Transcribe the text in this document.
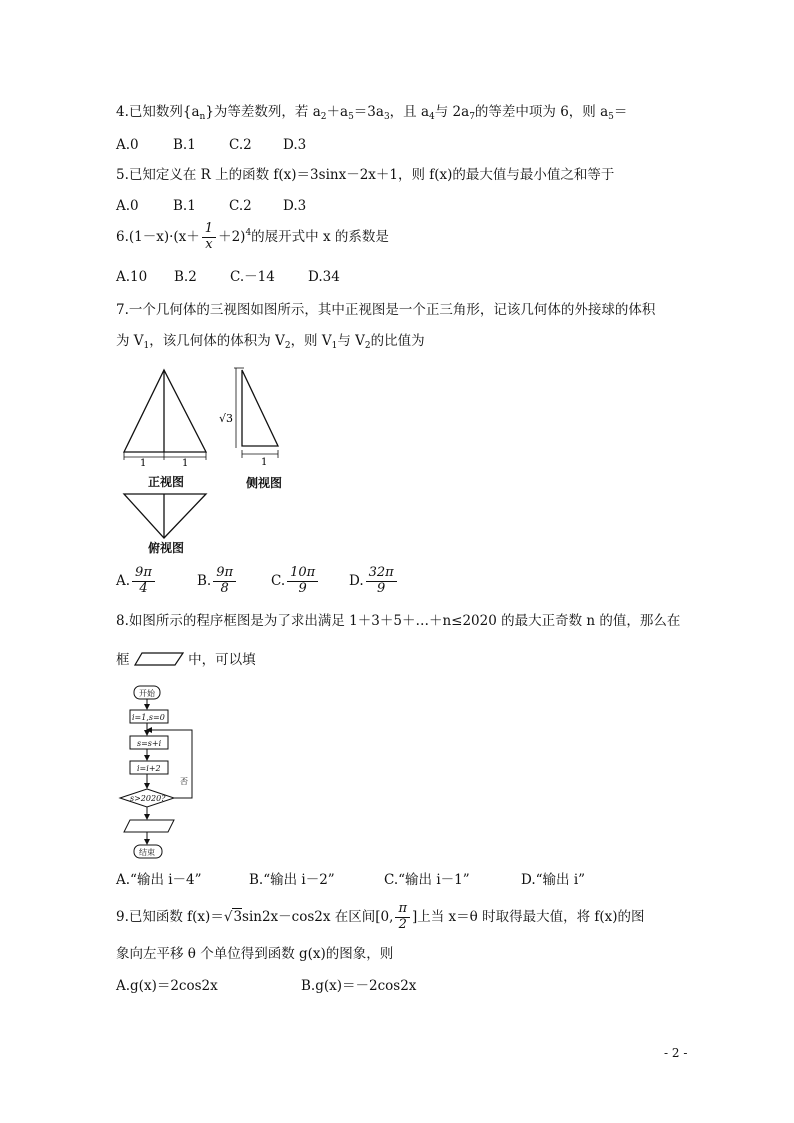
4.已知数列$\{a_n\}$为等差数列，若 $a_2+a_5=3a_3$，且 $a_4$与 $2a_7$的等差中项为 6，则 $a_5=$
A.0	B.1 C.2 D.3
5.已知定义在 R 上的函数 f(x)＝3sinx－2x＋1，则 f(x)的最大值与最小值之和等于
A.0	B.1 C.2 D.3
$6.(1-x)\cdot(x+ \frac{1}{x} +2)^4$的展开式中 x 的系数是
A.10 B.2 C.－14 D.34
7.一个几何体的三视图如图所示，其中正视图是一个正三角形，记该几何体的外接球的体积
为 $V_1$，该几何体的体积为 $V_2$，则 $V_1$与 $V_2$的比值为
1	1
√3
1
正视图	侧视图
俯视图
A. $\frac{9\pi}{4}$	B. $\frac{9\pi}{8}$	C. $\frac{10\pi}{9} D$. $\frac{32\pi}{9}$
8.如图所示的程序框图是为了求出满足 1＋3＋5＋…＋n≤2020 的最大正奇数 n 的值，那么在
框	中，可以填
开始
i=1,s=0
s=s+i
i=i+2
s>2020?
否
结束
A.“输出 i－4”	B.“输出 i－2”	C.“输出 i－1”	D.“输出 i”
9.已知函数 f(x)＝√3sin2x－cos2x 在区间[0, $\frac{\pi}{2}$ ]上当 x＝θ 时取得最大值，将 f(x)的图
象向左平移 θ 个单位得到函数 g(x)的图象，则
A.g(x)＝2cos2x	B.g(x)＝－2cos2x
- 2 -
